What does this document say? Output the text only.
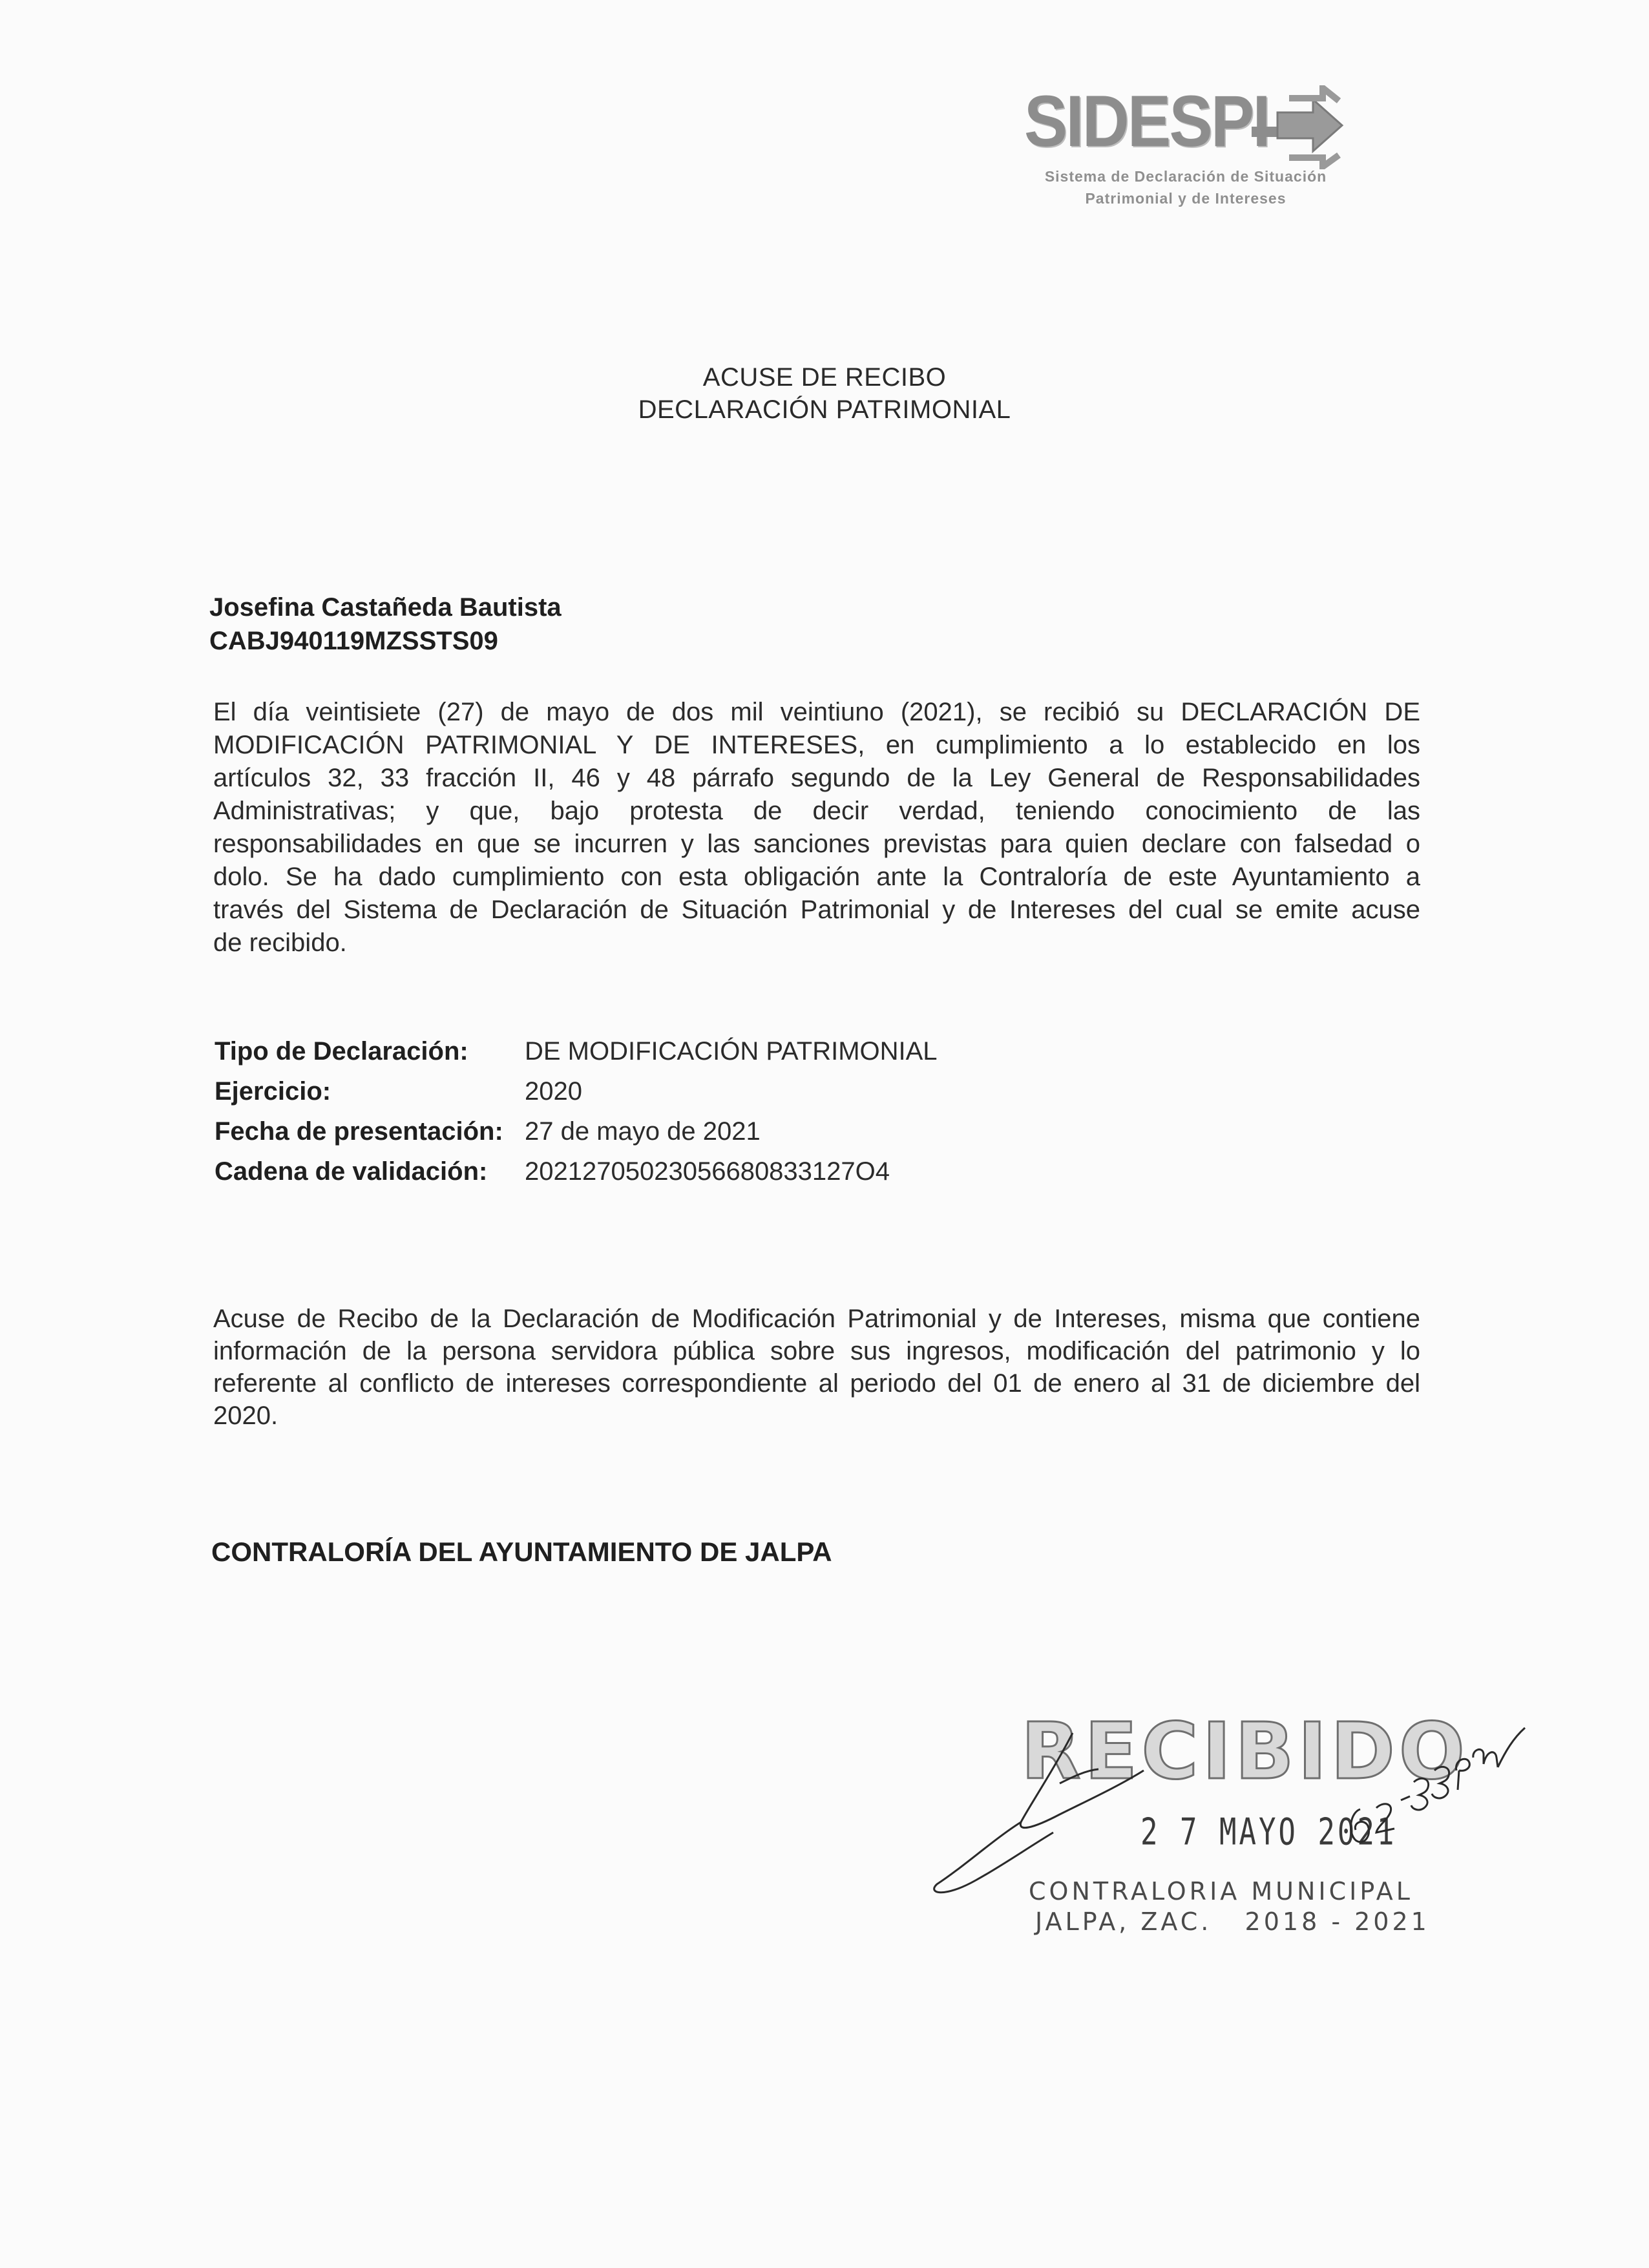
SIDESPI
Sistema de Declaración de Situación
Patrimonial y de Intereses
ACUSE DE RECIBO
DECLARACIÓN PATRIMONIAL
Josefina Castañeda Bautista
CABJ940119MZSSTS09
El día veintisiete (27) de mayo de dos mil veintiuno (2021), se recibió su DECLARACIÓN DE
MODIFICACIÓN PATRIMONIAL Y DE INTERESES, en cumplimiento a lo establecido en los
artículos 32, 33 fracción II, 46 y 48 párrafo segundo de la Ley General de Responsabilidades
Administrativas; y que, bajo protesta de decir verdad, teniendo conocimiento de las
responsabilidades en que se incurren y las sanciones previstas para quien declare con falsedad o
dolo. Se ha dado cumplimiento con esta obligación ante la Contraloría de este Ayuntamiento a
través del Sistema de Declaración de Situación Patrimonial y de Intereses del cual se emite acuse
de recibido.
Tipo de Declaración: DE MODIFICACIÓN PATRIMONIAL
Ejercicio:	2020
Fecha de presentación: 27 de mayo de 2021
Cadena de validación: 20212705023056680833127O4
Acuse de Recibo de la Declaración de Modificación Patrimonial y de Intereses, misma que contiene
información de la persona servidora pública sobre sus ingresos, modificación del patrimonio y lo
referente al conflicto de intereses correspondiente al periodo del 01 de enero al 31 de diciembre del
2020.
CONTRALORÍA DEL AYUNTAMIENTO DE JALPA
RECIBIDO
2 7 MAYO 2021
CONTRALORIA MUNICIPAL
JALPA, ZAC.   2018 - 2021
